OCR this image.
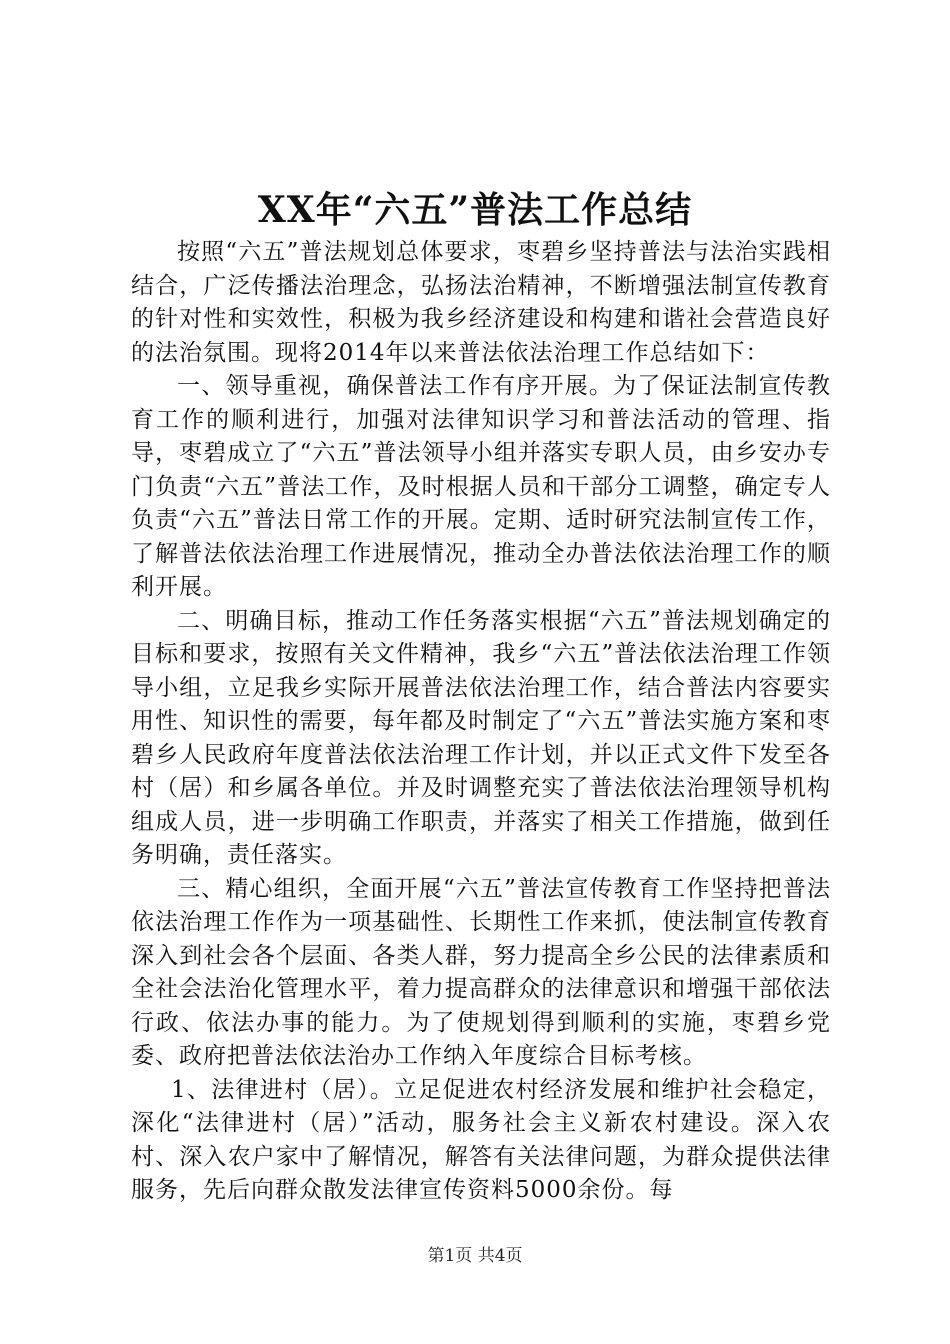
XX年“六五”普法工作总结

按照“六五”普法规划总体要求，枣碧乡坚持普法与法治实践相结合，广泛传播法治理念，弘扬法治精神，不断增强法制宣传教育的针对性和实效性，积极为我乡经济建设和构建和谐社会营造良好的法治氛围。现将2014年以来普法依法治理工作总结如下：

一、领导重视，确保普法工作有序开展。为了保证法制宣传教育工作的顺利进行，加强对法律知识学习和普法活动的管理、指导，枣碧成立了“六五”普法领导小组并落实专职人员，由乡安办专门负责“六五”普法工作，及时根据人员和干部分工调整，确定专人负责“六五”普法日常工作的开展。定期、适时研究法制宣传工作，了解普法依法治理工作进展情况，推动全办普法依法治理工作的顺利开展。

二、明确目标，推动工作任务落实根据“六五”普法规划确定的目标和要求，按照有关文件精神，我乡“六五”普法依法治理工作领导小组，立足我乡实际开展普法依法治理工作，结合普法内容要实用性、知识性的需要，每年都及时制定了“六五”普法实施方案和枣碧乡人民政府年度普法依法治理工作计划，并以正式文件下发至各村（居）和乡属各单位。并及时调整充实了普法依法治理领导机构组成人员，进一步明确工作职责，并落实了相关工作措施，做到任务明确，责任落实。

三、精心组织，全面开展“六五”普法宣传教育工作坚持把普法依法治理工作作为一项基础性、长期性工作来抓，使法制宣传教育深入到社会各个层面、各类人群，努力提高全乡公民的法律素质和全社会法治化管理水平，着力提高群众的法律意识和增强干部依法行政、依法办事的能力。为了使规划得到顺利的实施，枣碧乡党委、政府把普法依法治办工作纳入年度综合目标考核。

1、法律进村（居）。立足促进农村经济发展和维护社会稳定，深化“法律进村（居）”活动，服务社会主义新农村建设。深入农村、深入农户家中了解情况，解答有关法律问题，为群众提供法律服务，先后向群众散发法律宣传资料5000余份。每

第1页 共4页
